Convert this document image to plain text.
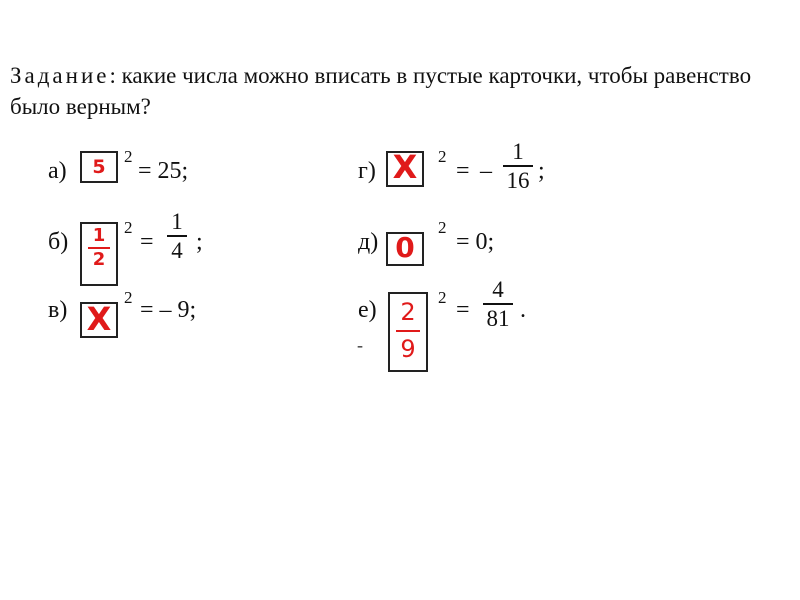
Задание: какие числа можно вписать в пустые карточки, чтобы равенство было верным?
а)	5	2
= 25;
б)	1
2
2
=
1
4 ;
в) X
2 = – 9;
г) X	2
= –
1
16 ;
д) 0
2
= 0;
е)
-
2
9
2 =
4
81 .
